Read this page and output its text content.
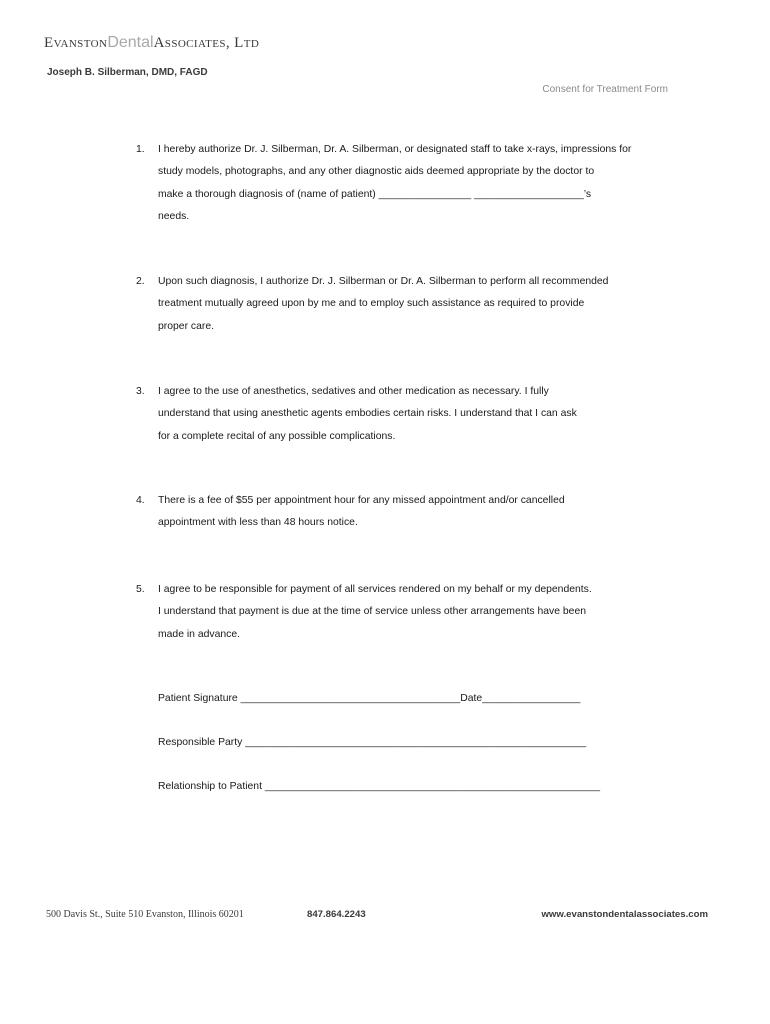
EvanstonDentalAssociates, Ltd
Joseph B. Silberman, DMD, FAGD
Consent for Treatment Form
1. I hereby authorize Dr. J. Silberman, Dr. A. Silberman, or designated staff to take x-rays, impressions for
study models, photographs, and any other diagnostic aids deemed appropriate by the doctor to
make a thorough diagnosis of (name of patient) ________________ ___________________’s
needs.
2. Upon such diagnosis, I authorize Dr. J. Silberman or Dr. A. Silberman to perform all recommended
treatment mutually agreed upon by me and to employ such assistance as required to provide
proper care.
3. I agree to the use of anesthetics, sedatives and other medication as necessary. I fully
understand that using anesthetic agents embodies certain risks. I understand that I can ask
for a complete recital of any possible complications.
4. There is a fee of $55 per appointment hour for any missed appointment and/or cancelled
appointment with less than 48 hours notice.
5. I agree to be responsible for payment of all services rendered on my behalf or my dependents.
I understand that payment is due at the time of service unless other arrangements have been
made in advance.
Patient Signature ______________________________________Date_________________
Responsible Party ___________________________________________________________
Relationship to Patient __________________________________________________________
500 Davis St., Suite 510 Evanston, Illinois 60201	847.864.2243	www.evanstondentalassociates.com
